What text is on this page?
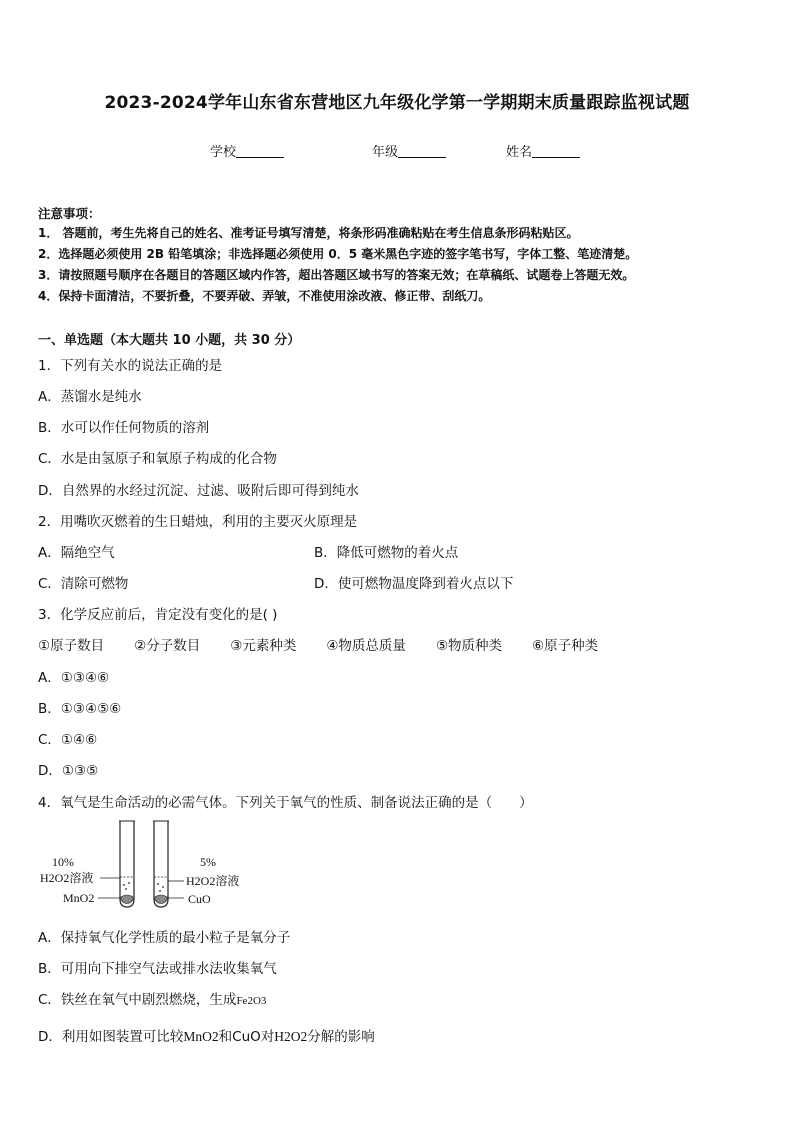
2023-2024学年山东省东营地区九年级化学第一学期期末质量跟踪监视试题
学校	年级	姓名
注意事项：
1． 答题前，考生先将自己的姓名、准考证号填写清楚，将条形码准确粘贴在考生信息条形码粘贴区。
2．选择题必须使用 2B 铅笔填涂；非选择题必须使用 0．5 毫米黑色字迹的签字笔书写，字体工整、笔迹清楚。
3．请按照题号顺序在各题目的答题区域内作答，超出答题区域书写的答案无效；在草稿纸、试题卷上答题无效。
4．保持卡面清洁，不要折叠，不要弄破、弄皱，不准使用涂改液、修正带、刮纸刀。
一、单选题（本大题共 10 小题，共 30 分）
1．下列有关水的说法正确的是
A．蒸馏水是纯水
B．水可以作任何物质的溶剂
C．水是由氢原子和氧原子构成的化合物
D．自然界的水经过沉淀、过滤、吸附后即可得到纯水
2．用嘴吹灭燃着的生日蜡烛，利用的主要灭火原理是
A．隔绝空气	B．降低可燃物的着火点
C．清除可燃物	D．使可燃物温度降到着火点以下
3．化学反应前后，肯定没有变化的是( )
①原子数目 ②分子数目 ③元素种类 ④物质总质量 ⑤物质种类 ⑥原子种类
A．①③④⑥
B．①③④⑤⑥
C．①④⑥
D．①③⑤
4．氧气是生命活动的必需气体。下列关于氧气的性质、制备说法正确的是（　　）
10%
H2O2溶液
MnO2
5%
H2O2溶液
CuO
A．保持氧气化学性质的最小粒子是氧分子
B．可用向下排空气法或排水法收集氧气
C．铁丝在氧气中剧烈燃烧，生成Fe2O3
D．利用如图装置可比较MnO2和CuO对H2O2分解的影响
